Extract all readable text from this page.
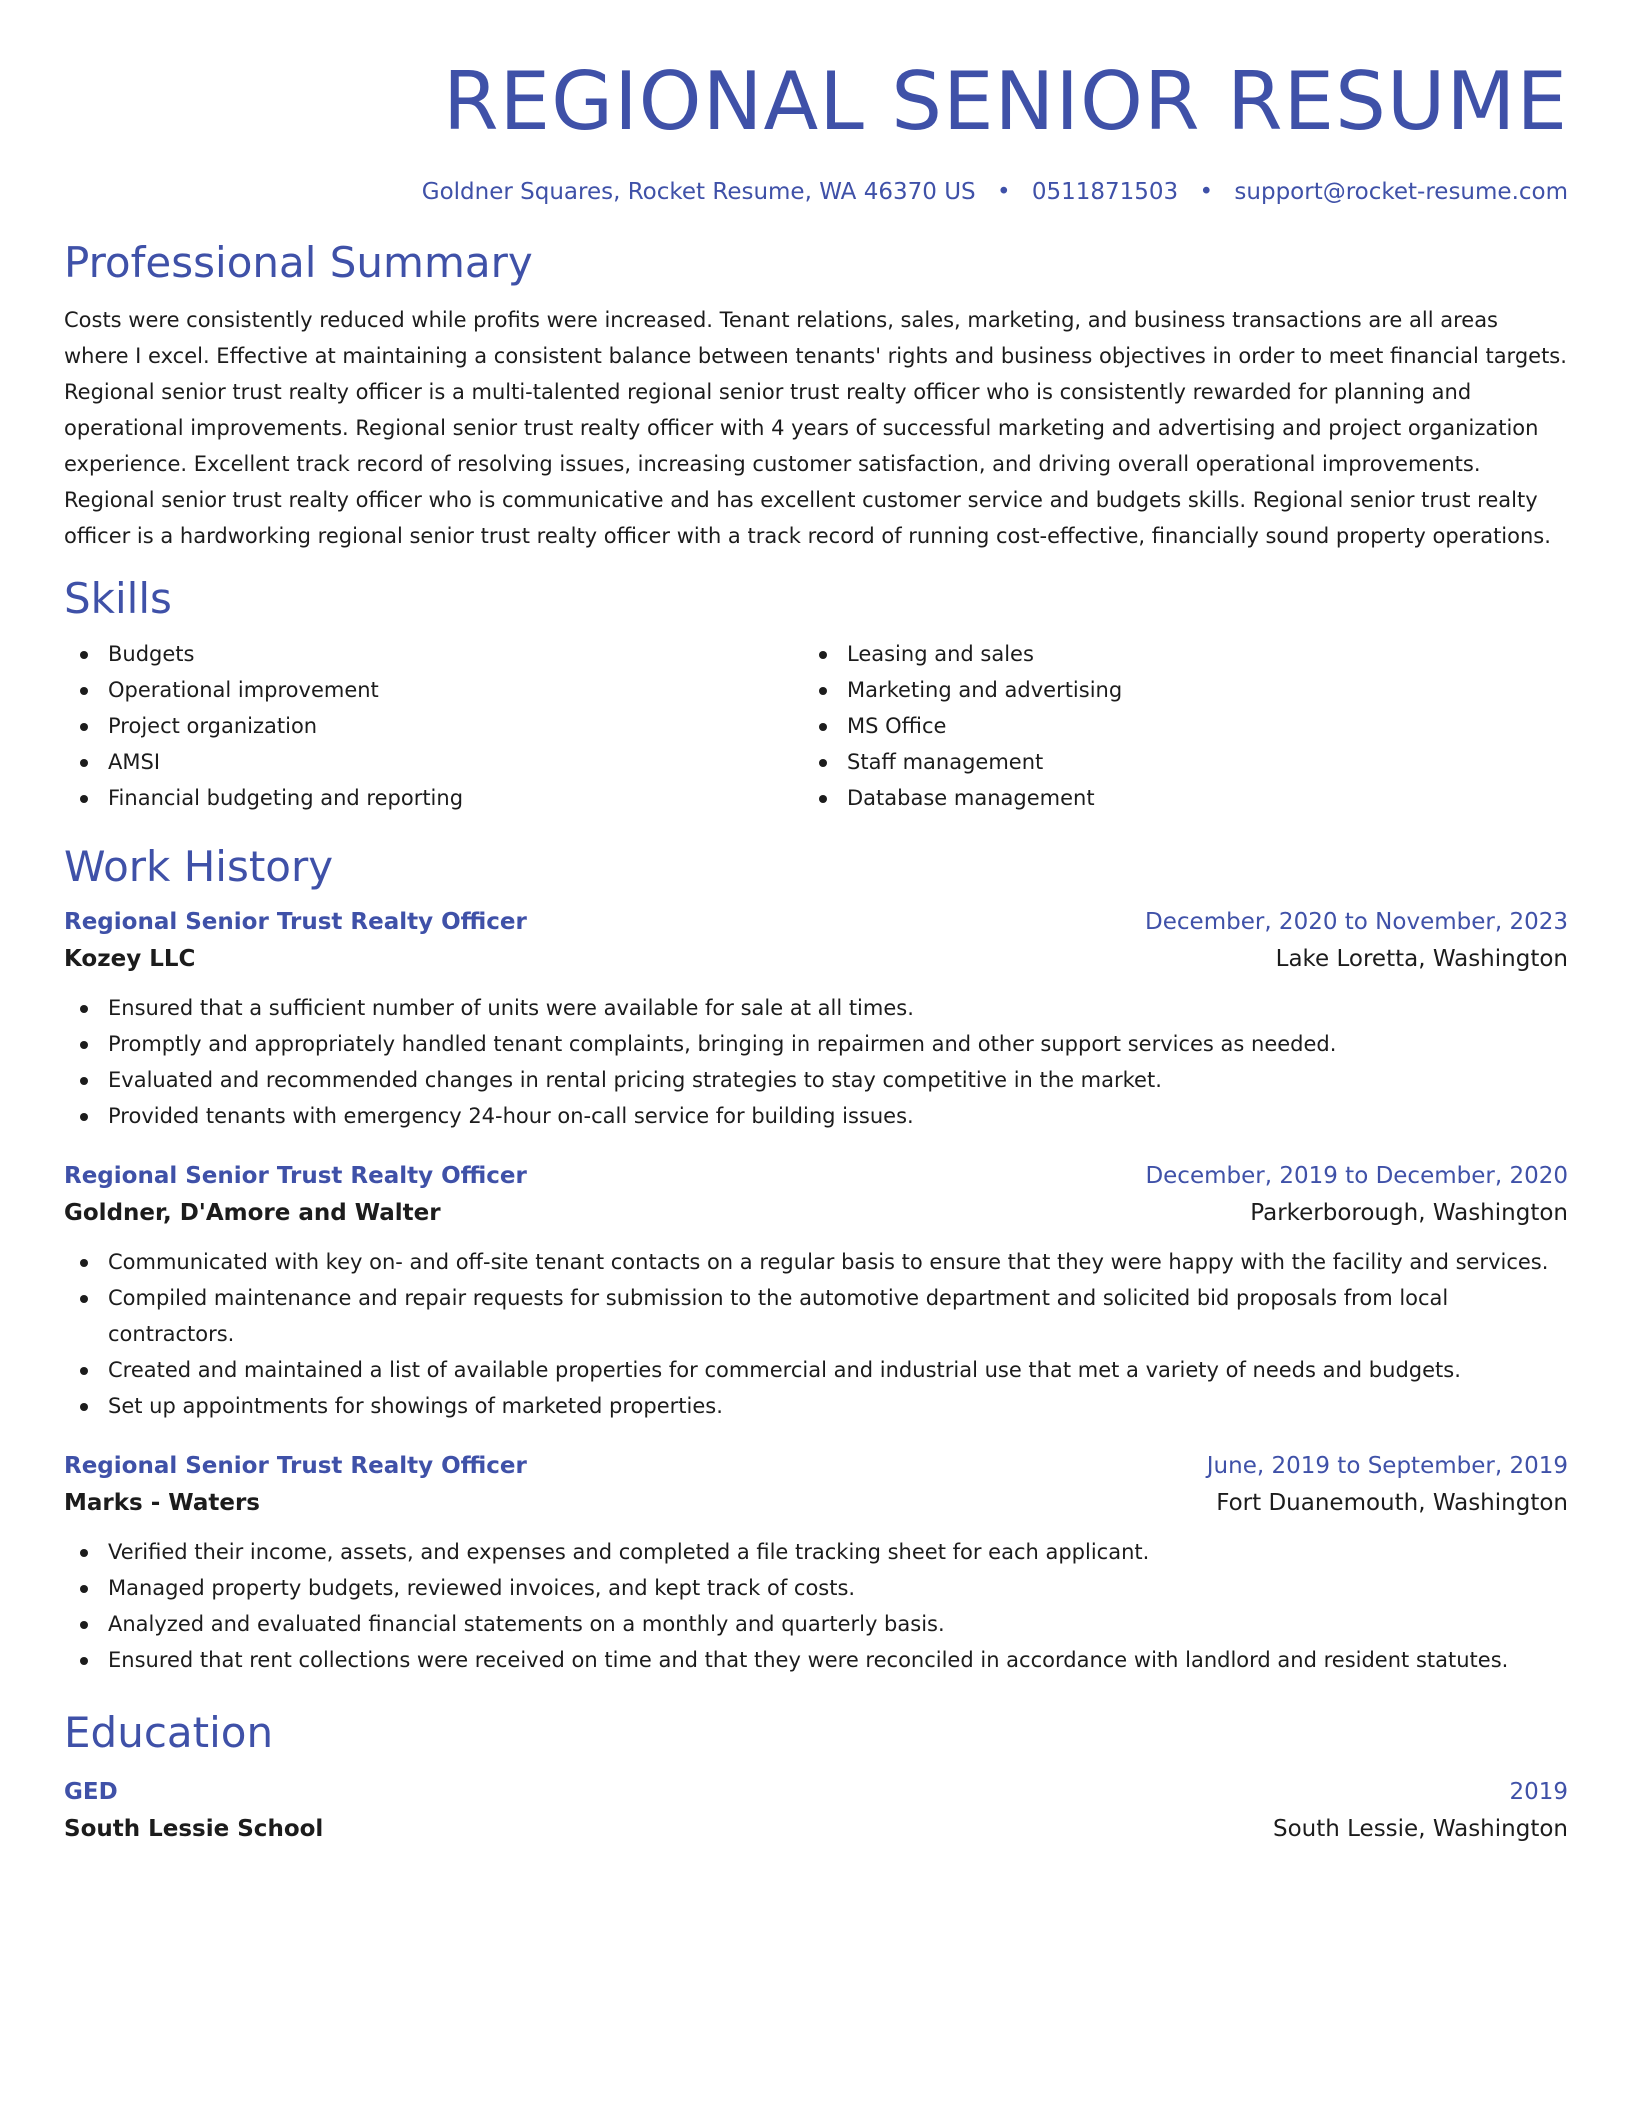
REGIONAL SENIOR RESUME
Goldner Squares, Rocket Resume, WA 46370 US • 0511871503 • support@rocket-resume.com
Professional Summary
Costs were consistently reduced while profits were increased. Tenant relations, sales, marketing, and business transactions are all areas where I excel. Effective at maintaining a consistent balance between tenants' rights and business objectives in order to meet financial targets. Regional senior trust realty officer is a multi-talented regional senior trust realty officer who is consistently rewarded for planning and operational improvements. Regional senior trust realty officer with 4 years of successful marketing and advertising and project organization experience. Excellent track record of resolving issues, increasing customer satisfaction, and driving overall operational improvements. Regional senior trust realty officer who is communicative and has excellent customer service and budgets skills. Regional senior trust realty officer is a hardworking regional senior trust realty officer with a track record of running cost-effective, financially sound property operations.
Skills
Budgets
Operational improvement
Project organization
AMSI
Financial budgeting and reporting
Leasing and sales
Marketing and advertising
MS Office
Staff management
Database management
Work History
Regional Senior Trust Realty Officer	December, 2020 to November, 2023
Kozey LLC	Lake Loretta, Washington
Ensured that a sufficient number of units were available for sale at all times.
Promptly and appropriately handled tenant complaints, bringing in repairmen and other support services as needed.
Evaluated and recommended changes in rental pricing strategies to stay competitive in the market.
Provided tenants with emergency 24-hour on-call service for building issues.
Regional Senior Trust Realty Officer	December, 2019 to December, 2020
Goldner, D'Amore and Walter	Parkerborough, Washington
Communicated with key on- and off-site tenant contacts on a regular basis to ensure that they were happy with the facility and services.
Compiled maintenance and repair requests for submission to the automotive department and solicited bid proposals from local contractors.
Created and maintained a list of available properties for commercial and industrial use that met a variety of needs and budgets.
Set up appointments for showings of marketed properties.
Regional Senior Trust Realty Officer	June, 2019 to September, 2019
Marks - Waters	Fort Duanemouth, Washington
Verified their income, assets, and expenses and completed a file tracking sheet for each applicant.
Managed property budgets, reviewed invoices, and kept track of costs.
Analyzed and evaluated financial statements on a monthly and quarterly basis.
Ensured that rent collections were received on time and that they were reconciled in accordance with landlord and resident statutes.
Education
GED	2019
South Lessie School	South Lessie, Washington
